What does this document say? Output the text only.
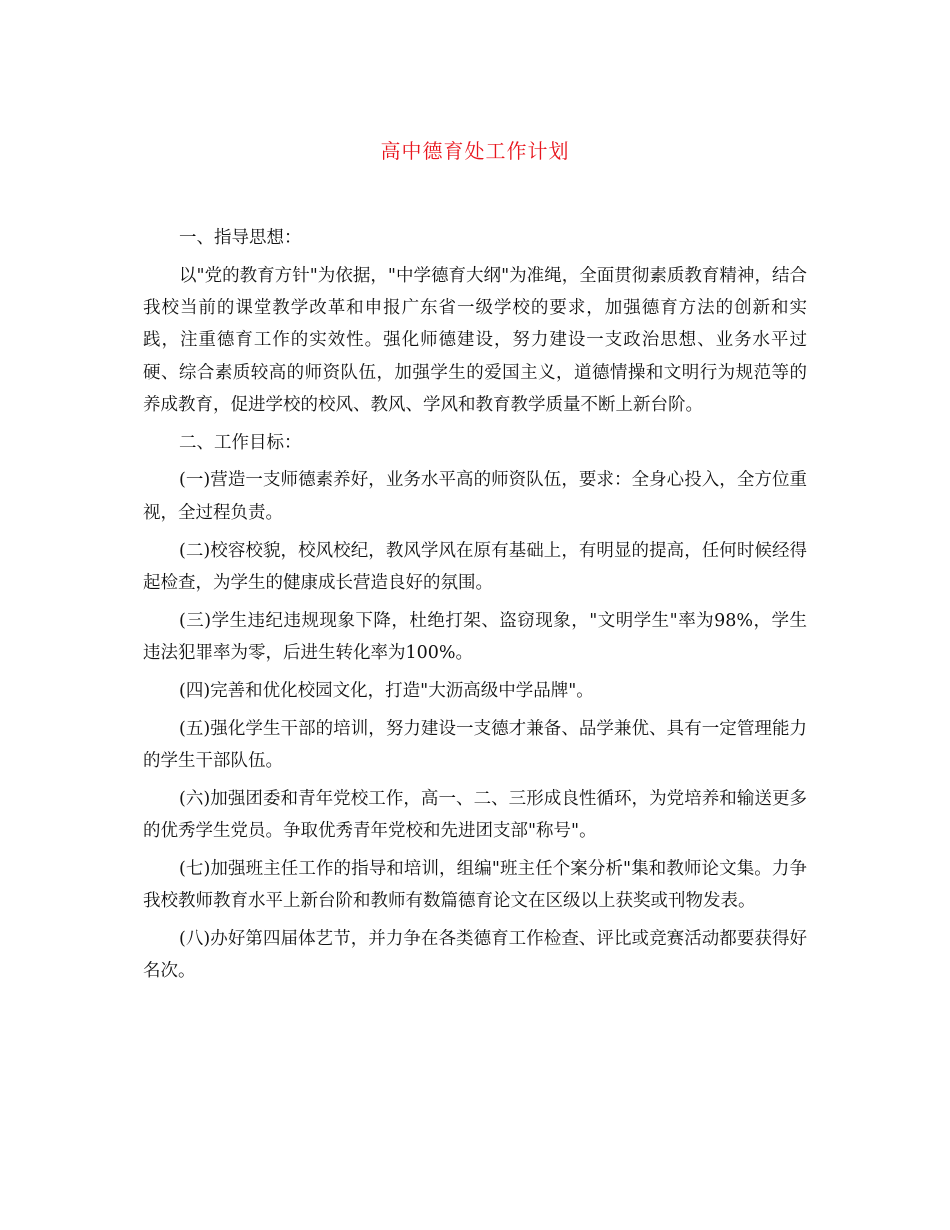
高中德育处工作计划

一、指导思想：

以"党的教育方针"为依据，"中学德育大纲"为准绳，全面贯彻素质教育精神，结合我校当前的课堂教学改革和申报广东省一级学校的要求，加强德育方法的创新和实践，注重德育工作的实效性。强化师德建设，努力建设一支政治思想、业务水平过硬、综合素质较高的师资队伍，加强学生的爱国主义，道德情操和文明行为规范等的养成教育，促进学校的校风、教风、学风和教育教学质量不断上新台阶。

二、工作目标：

(一)营造一支师德素养好，业务水平高的师资队伍，要求：全身心投入，全方位重视，全过程负责。

(二)校容校貌，校风校纪，教风学风在原有基础上，有明显的提高，任何时候经得起检查，为学生的健康成长营造良好的氛围。

(三)学生违纪违规现象下降，杜绝打架、盗窃现象，"文明学生"率为98%，学生违法犯罪率为零，后进生转化率为100%。

(四)完善和优化校园文化，打造"大沥高级中学品牌"。

(五)强化学生干部的培训，努力建设一支德才兼备、品学兼优、具有一定管理能力的学生干部队伍。

(六)加强团委和青年党校工作，高一、二、三形成良性循环，为党培养和输送更多的优秀学生党员。争取优秀青年党校和先进团支部"称号"。

(七)加强班主任工作的指导和培训，组编"班主任个案分析"集和教师论文集。力争我校教师教育水平上新台阶和教师有数篇德育论文在区级以上获奖或刊物发表。

(八)办好第四届体艺节，并力争在各类德育工作检查、评比或竞赛活动都要获得好名次。
